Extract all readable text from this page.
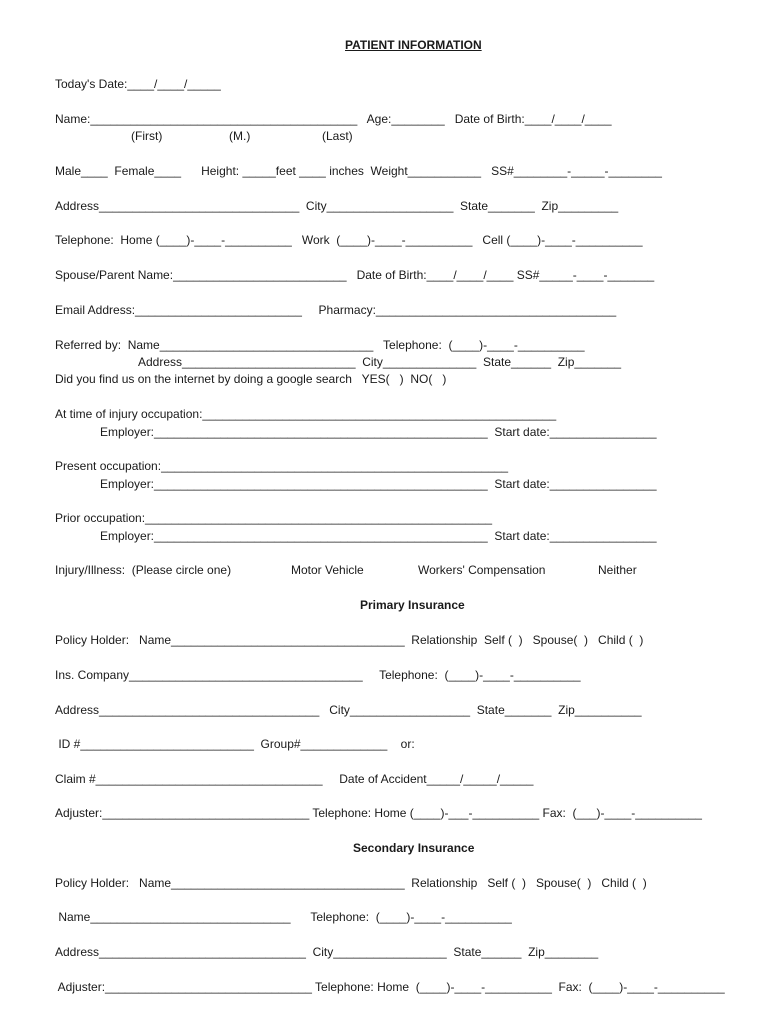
PATIENT INFORMATION
Today's Date:____/____/_____
Name:________________________________________   Age:________   Date of Birth:____/____/____
(First)	(M.)	(Last)
Male____  Female____      Height: _____feet ____ inches  Weight___________   SS#________-_____-________
Address______________________________  City___________________  State_______  Zip_________
Telephone:  Home (____)-____-__________   Work  (____)-____-__________   Cell (____)-____-__________
Spouse/Parent Name:__________________________   Date of Birth:____/____/____ SS#_____-____-_______
Email Address:_________________________     Pharmacy:____________________________________
Referred by:  Name________________________________   Telephone:  (____)-____-__________
Address__________________________  City______________  State______  Zip_______
Did you find us on the internet by doing a google search   YES(   )  NO(   )
At time of injury occupation:_____________________________________________________
Employer:__________________________________________________  Start date:________________
Present occupation:____________________________________________________
Employer:__________________________________________________  Start date:________________
Prior occupation:____________________________________________________
Employer:__________________________________________________  Start date:________________
Injury/Illness:  (Please circle one)	Motor Vehicle	Workers' Compensation	Neither
Primary Insurance
Policy Holder:   Name___________________________________  Relationship  Self (  )   Spouse(  )   Child (  )
Ins. Company___________________________________     Telephone:  (____)-____-__________
Address_________________________________   City__________________  State_______  Zip__________
ID #__________________________  Group#_____________    or:
Claim #__________________________________     Date of Accident_____/_____/_____
Adjuster:_______________________________ Telephone: Home (____)-___-__________ Fax:  (___)-____-__________
Secondary Insurance
Policy Holder:   Name___________________________________  Relationship   Self (  )   Spouse(  )   Child (  )
Name______________________________      Telephone:  (____)-____-__________
Address_______________________________  City_________________  State______  Zip________
Adjuster:_______________________________ Telephone: Home  (____)-____-__________  Fax:  (____)-____-__________
